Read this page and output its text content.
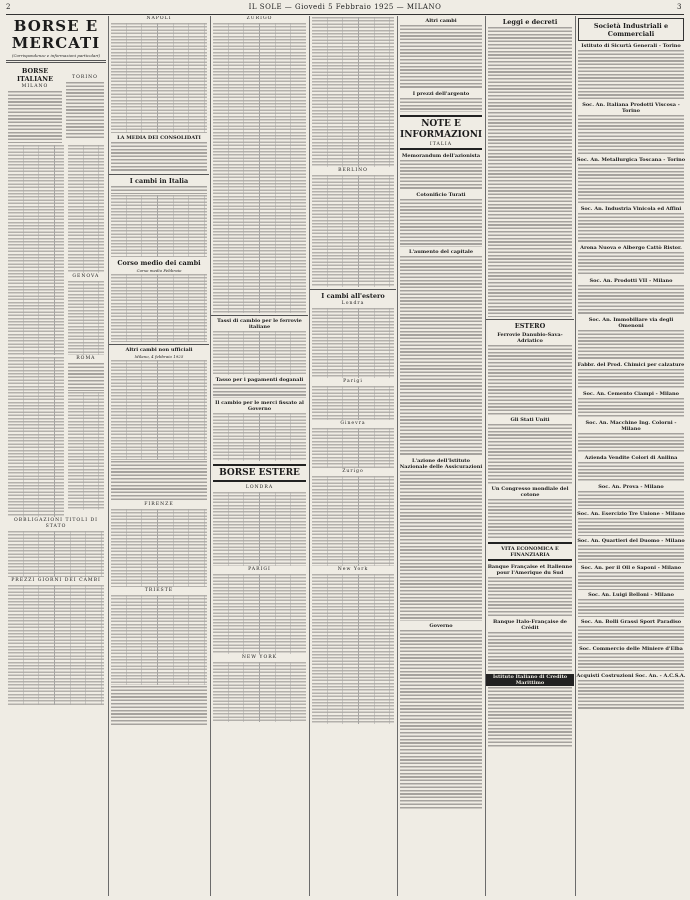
2	IL SOLE — Giovedi 5 Febbraio 1925 — MILANO	3
BORSE E MERCATI
(Corrispondenze e informazioni particolari)
BORSE ITALIANE
MILANO
TORINO
GENOVA
ROMA
OBBLIGAZIONI TITOLI DI STATO
PREZZI GIORNI DEI CAMBI
NAPOLI
LA MEDIA DEI CONSOLIDATI
I cambi in Italia
Corso medio dei cambi
Corso medio Febbraio
Altri cambi non ufficiali
Milano, 4 febbraio 1925
FIRENZE
TRIESTE
ZURIGO
Tassi di cambio per le ferrovie italiane
Tasso per i pagamenti doganali
Il cambio per le merci fissato al Governo
BORSE ESTERE
LONDRA
PARIGI
NEW YORK
BERLINO
I cambi all'estero
Londra
Parigi
Ginevra
Zurigo
New York
Altri cambi
I prezzi dell'argento
NOTE E INFORMAZIONI
ITALIA
Memorandum dell'azionista
Cotonificio Turati
L'aumento del capitale
L'azione dell'Istituto Nazionale delle Assicurazioni
Governo
Leggi e decreti
ESTERO
Ferrovie Danubio-Sava-Adriatico
Gli Stati Uniti
Un Congresso mondiale del cotone
VITA ECONOMICA E FINANZIARIA
Banque Française et Italienne pour l'Amerique du Sud
Banque Italo-Française de Crédit
Istituto Italiano di Credito Marittimo
Società Industriali e Commerciali
Istituto di Sicurtà Generali - Torino
Soc. An. Italiana Prodotti Viscosa - Torino
Soc. An. Metallurgica Toscana - Torino
Soc. An. Industria Vinicola ed Affini
Arona Nuova e Albergo Cattò Ristor.
Soc. An. Prodotti VII - Milano
Soc. An. Immobiliare via degli Omenoni
Fabbr. del Prod. Chimici per calzature
Soc. An. Cemento Ciampi - Milano
Soc. An. Macchine Ing. Colorni - Milano
Azienda Vendite Colori di Anilina
Soc. An. Prova - Milano
Soc. An. Esercizio Tre Unione - Milano
Soc. An. Quartieri del Duomo - Milano
Soc. An. per il Oll e Saponi - Milano
Soc. An. Luigi Belloni - Milano
Soc. An. Bolli Grassi Sport Paradiso
Soc. Commercio delle Miniere d'Elba
Acquisti Costruzioni Soc. An. - A.C.S.A.
